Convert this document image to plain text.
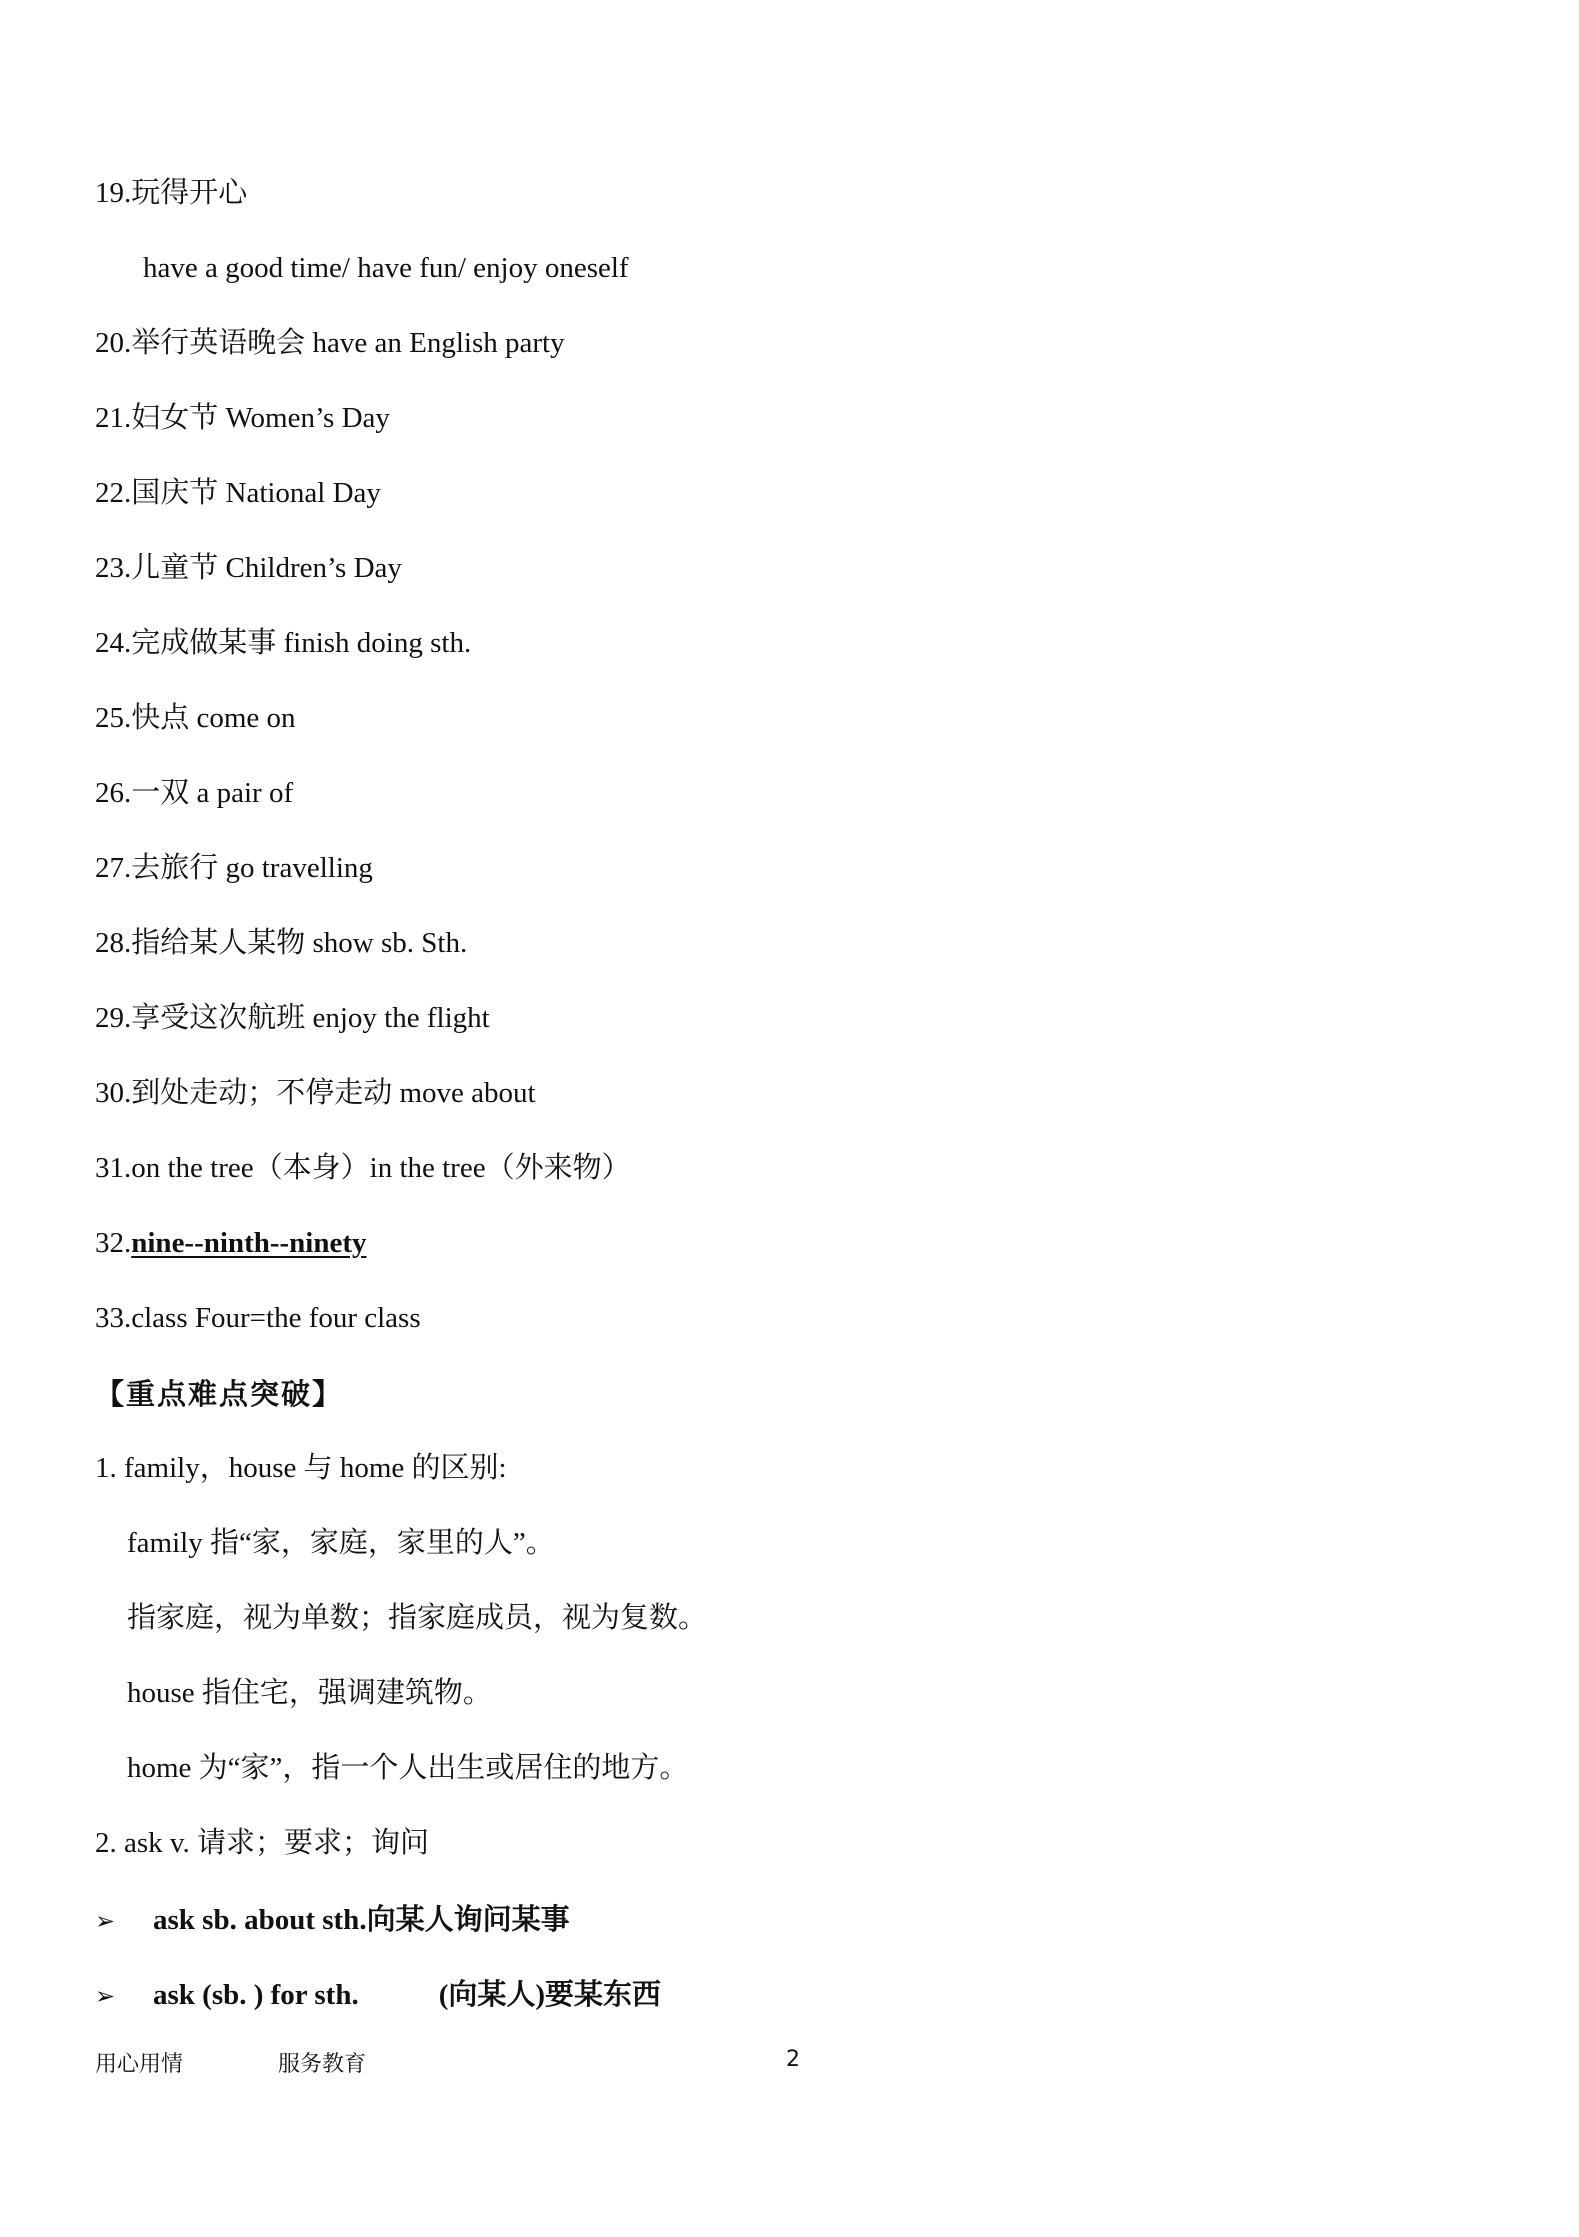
19.玩得开心
have a good time/ have fun/ enjoy oneself
20.举行英语晚会 have an English party
21.妇女节 Women’s Day
22.国庆节 National Day
23.儿童节 Children’s Day
24.完成做某事 finish doing sth.
25.快点 come on
26.一双 a pair of
27.去旅行 go travelling
28.指给某人某物 show sb. Sth.
29.享受这次航班 enjoy the flight
30.到处走动；不停走动 move about
31.on the tree（本身）in the tree（外来物）
32.nine--ninth--ninety
33.class Four=the four class
【重点难点突破】
1. family，house 与 home 的区别:
family 指“家，家庭，家里的人”。
指家庭，视为单数；指家庭成员，视为复数。
house 指住宅，强调建筑物。
home 为“家”，指一个人出生或居住的地方。
2. ask v. 请求；要求；询问
➢ ask sb. about sth.向某人询问某事
➢ ask (sb. ) for sth.	(向某人)要某东西
用心用情	服务教育	2
